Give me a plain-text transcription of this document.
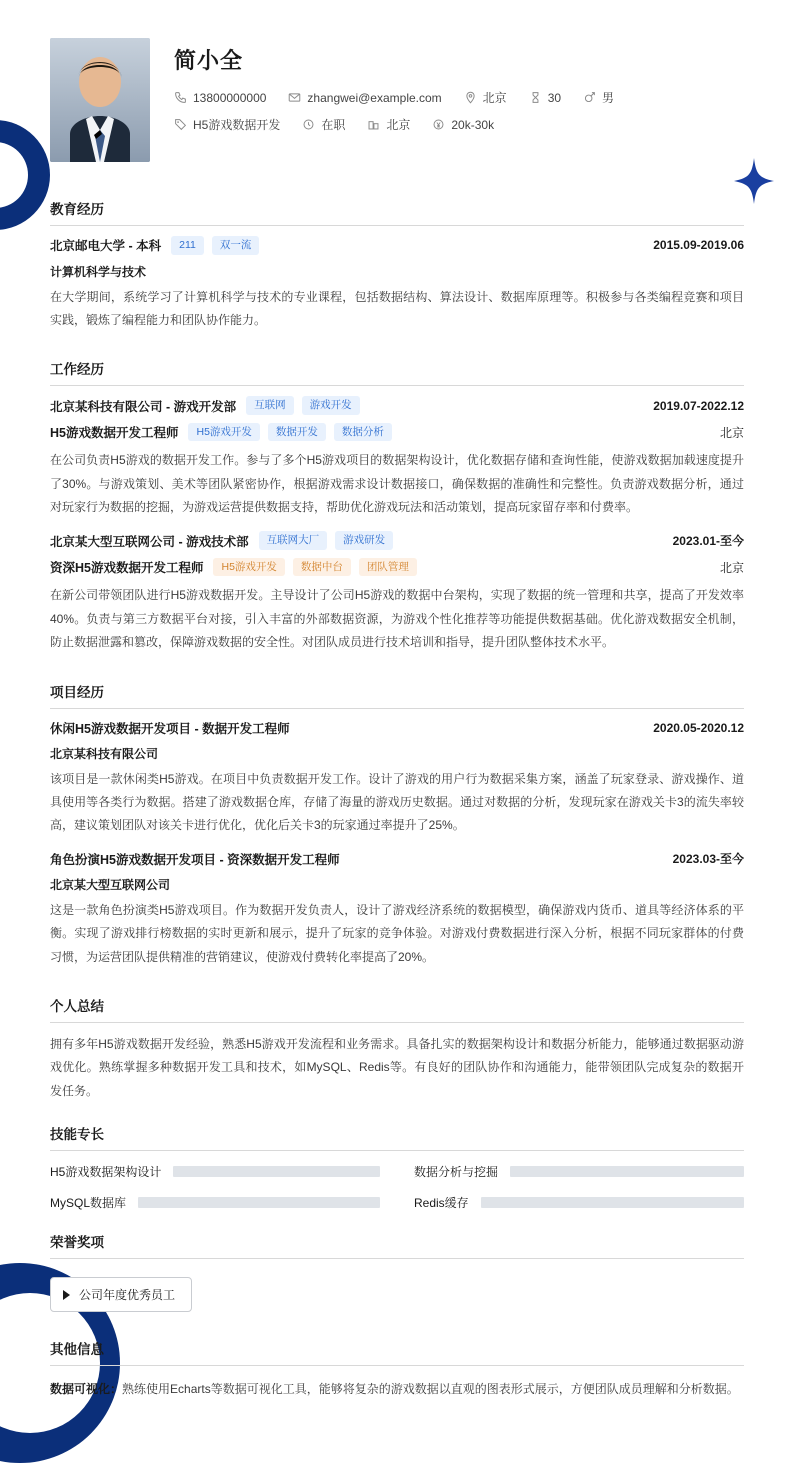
简小全
13800000000	zhangwei@example.com	北京	30	男
H5游戏数据开发	在职	北京	20k-30k
教育经历
北京邮电大学 - 本科	211	双一流	2015.09-2019.06
计算机科学与技术
在大学期间，系统学习了计算机科学与技术的专业课程，包括数据结构、算法设计、数据库原理等。积极参与各类编程竞赛和项目实践，锻炼了编程能力和团队协作能力。
工作经历
北京某科技有限公司 - 游戏开发部	互联网	游戏开发	2019.07-2022.12
H5游戏数据开发工程师	H5游戏开发	数据开发	数据分析	北京
在公司负责H5游戏的数据开发工作。参与了多个H5游戏项目的数据架构设计，优化数据存储和查询性能，使游戏数据加载速度提升了30%。与游戏策划、美术等团队紧密协作，根据游戏需求设计数据接口，确保数据的准确性和完整性。负责游戏数据分析，通过对玩家行为数据的挖掘，为游戏运营提供数据支持，帮助优化游戏玩法和活动策划，提高玩家留存率和付费率。
北京某大型互联网公司 - 游戏技术部	互联网大厂	游戏研发	2023.01-至今
资深H5游戏数据开发工程师	H5游戏开发	数据中台	团队管理	北京
在新公司带领团队进行H5游戏数据开发。主导设计了公司H5游戏的数据中台架构，实现了数据的统一管理和共享，提高了开发效率40%。负责与第三方数据平台对接，引入丰富的外部数据资源，为游戏个性化推荐等功能提供数据基础。优化游戏数据安全机制，防止数据泄露和篡改，保障游戏数据的安全性。对团队成员进行技术培训和指导，提升团队整体技术水平。
项目经历
休闲H5游戏数据开发项目 - 数据开发工程师	2020.05-2020.12
北京某科技有限公司
该项目是一款休闲类H5游戏。在项目中负责数据开发工作。设计了游戏的用户行为数据采集方案，涵盖了玩家登录、游戏操作、道具使用等各类行为数据。搭建了游戏数据仓库，存储了海量的游戏历史数据。通过对数据的分析，发现玩家在游戏关卡3的流失率较高，建议策划团队对该关卡进行优化，优化后关卡3的玩家通过率提升了25%。
角色扮演H5游戏数据开发项目 - 资深数据开发工程师	2023.03-至今
北京某大型互联网公司
这是一款角色扮演类H5游戏项目。作为数据开发负责人，设计了游戏经济系统的数据模型，确保游戏内货币、道具等经济体系的平衡。实现了游戏排行榜数据的实时更新和展示，提升了玩家的竞争体验。对游戏付费数据进行深入分析，根据不同玩家群体的付费习惯，为运营团队提供精准的营销建议，使游戏付费转化率提高了20%。
个人总结
拥有多年H5游戏数据开发经验，熟悉H5游戏开发流程和业务需求。具备扎实的数据架构设计和数据分析能力，能够通过数据驱动游戏优化。熟练掌握多种数据开发工具和技术，如MySQL、Redis等。有良好的团队协作和沟通能力，能带领团队完成复杂的数据开发任务。
技能专长
H5游戏数据架构设计	数据分析与挖掘
MySQL数据库	Redis缓存
荣誉奖项
公司年度优秀员工
其他信息
数据可视化：熟练使用Echarts等数据可视化工具，能够将复杂的游戏数据以直观的图表形式展示，方便团队成员理解和分析数据。
